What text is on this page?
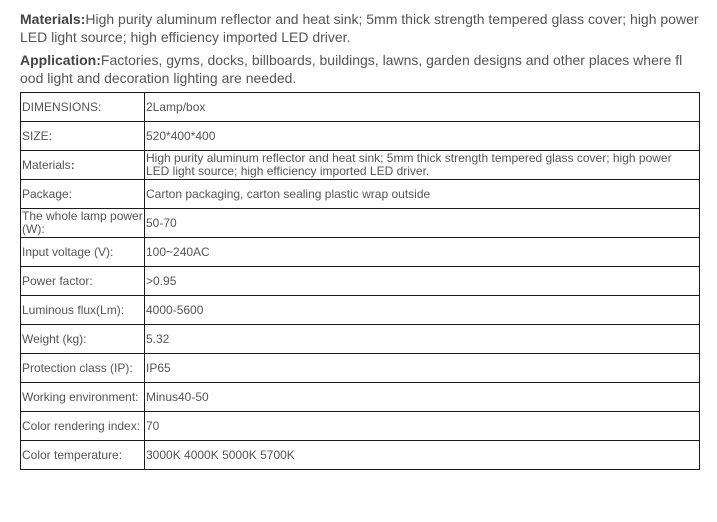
Materials:High purity aluminum reflector and heat sink; 5mm thick strength tempered glass cover; high power LED light source; high efficiency imported LED driver.
Application:Factories, gyms, docks, billboards, buildings, lawns, garden designs and other places where fl ood light and decoration lighting are needed.
DIMENSIONS:	2Lamp/box
SIZE:	520*400*400
Materials:	High purity aluminum reflector and heat sink; 5mm thick strength tempered glass cover; high power LED light source; high efficiency imported LED driver.
Package:	Carton packaging, carton sealing plastic wrap outside
The whole lamp power (W):	50-70
Input voltage (V):	100~240AC
Power factor:	>0.95
Luminous flux(Lm):	4000-5600
Weight (kg):	5.32
Protection class (IP):	IP65
Working environment:	Minus40-50
Color rendering index:	70
Color temperature:	3000K 4000K 5000K 5700K
